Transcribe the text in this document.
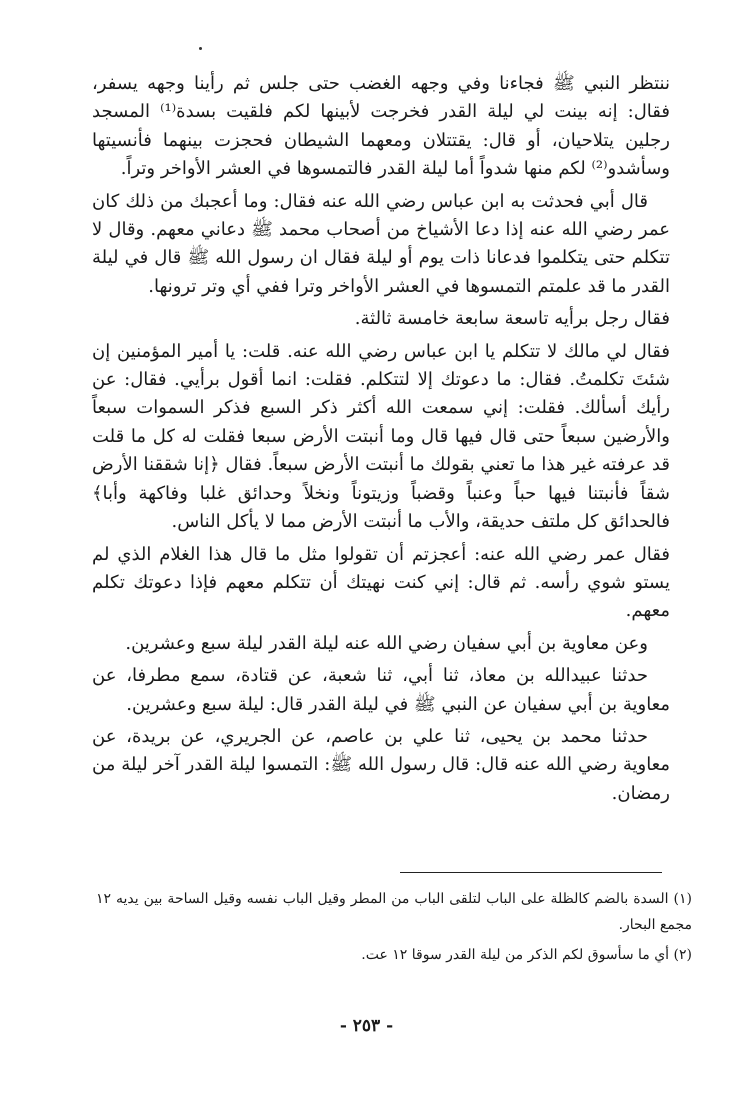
ننتظر النبي ﷺ فجاءنا وفي وجهه الغضب حتى جلس ثم رأينا وجهه يسفر، فقال: إنه بينت لي ليلة القدر فخرجت لأبينها لكم فلقيت بسدة⁽¹⁾ المسجد رجلين يتلاحيان، أو قال: يقتتلان ومعهما الشيطان فحجزت بينهما فأنسيتها وسأشدو⁽²⁾ لكم منها شدواً أما ليلة القدر فالتمسوها في العشر الأواخر وتراً.

قال أبي فحدثت به ابن عباس رضي الله عنه فقال: وما أعجبك من ذلك كان عمر رضي الله عنه إذا دعا الأشياخ من أصحاب محمد ﷺ دعاني معهم. وقال لا تتكلم حتى يتكلموا فدعانا ذات يوم أو ليلة فقال ان رسول الله ﷺ قال في ليلة القدر ما قد علمتم التمسوها في العشر الأواخر وترا ففي أي وتر ترونها.

فقال رجل برأيه تاسعة سابعة خامسة ثالثة.

فقال لي مالك لا تتكلم يا ابن عباس رضي الله عنه. قلت: يا أمير المؤمنين إن شئتَ تكلمتُ. فقال: ما دعوتك إلا لتتكلم. فقلت: انما أقول برأيي. فقال: عن رأيك أسألك. فقلت: إني سمعت الله أكثر ذكر السبع فذكر السموات سبعاً والأرضين سبعاً حتى قال فيها قال وما أنبتت الأرض سبعا فقلت له كل ما قلت قد عرفته غير هذا ما تعني بقولك ما أنبتت الأرض سبعاً. فقال ﴿إنا شققنا الأرض شقاً فأنبتنا فيها حباً وعنباً وقضباً وزيتوناً ونخلاً وحدائق غلبا وفاكهة وأبا﴾ فالحدائق كل ملتف حديقة، والأب ما أنبتت الأرض مما لا يأكل الناس.

فقال عمر رضي الله عنه: أعجزتم أن تقولوا مثل ما قال هذا الغلام الذي لم يستو شوي رأسه. ثم قال: إني كنت نهيتك أن تتكلم معهم فإذا دعوتك تكلم معهم.

وعن معاوية بن أبي سفيان رضي الله عنه ليلة القدر ليلة سبع وعشرين.

حدثنا عبيدالله بن معاذ، ثنا أبي، ثنا شعبة، عن قتادة، سمع مطرفا، عن معاوية بن أبي سفيان عن النبي ﷺ في ليلة القدر قال: ليلة سبع وعشرين.

حدثنا محمد بن يحيى، ثنا علي بن عاصم، عن الجريري، عن بريدة، عن معاوية رضي الله عنه قال: قال رسول الله ﷺ: التمسوا ليلة القدر آخر ليلة من رمضان.

(١) السدة بالضم كالظلة على الباب لتلقى الباب من المطر وقيل الباب نفسه وقيل الساحة بين يديه ١٢ مجمع البحار.

(٢) أي ما سأسوق لكم الذكر من ليلة القدر سوقا ١٢ عت.

- ٢٥٣ -
